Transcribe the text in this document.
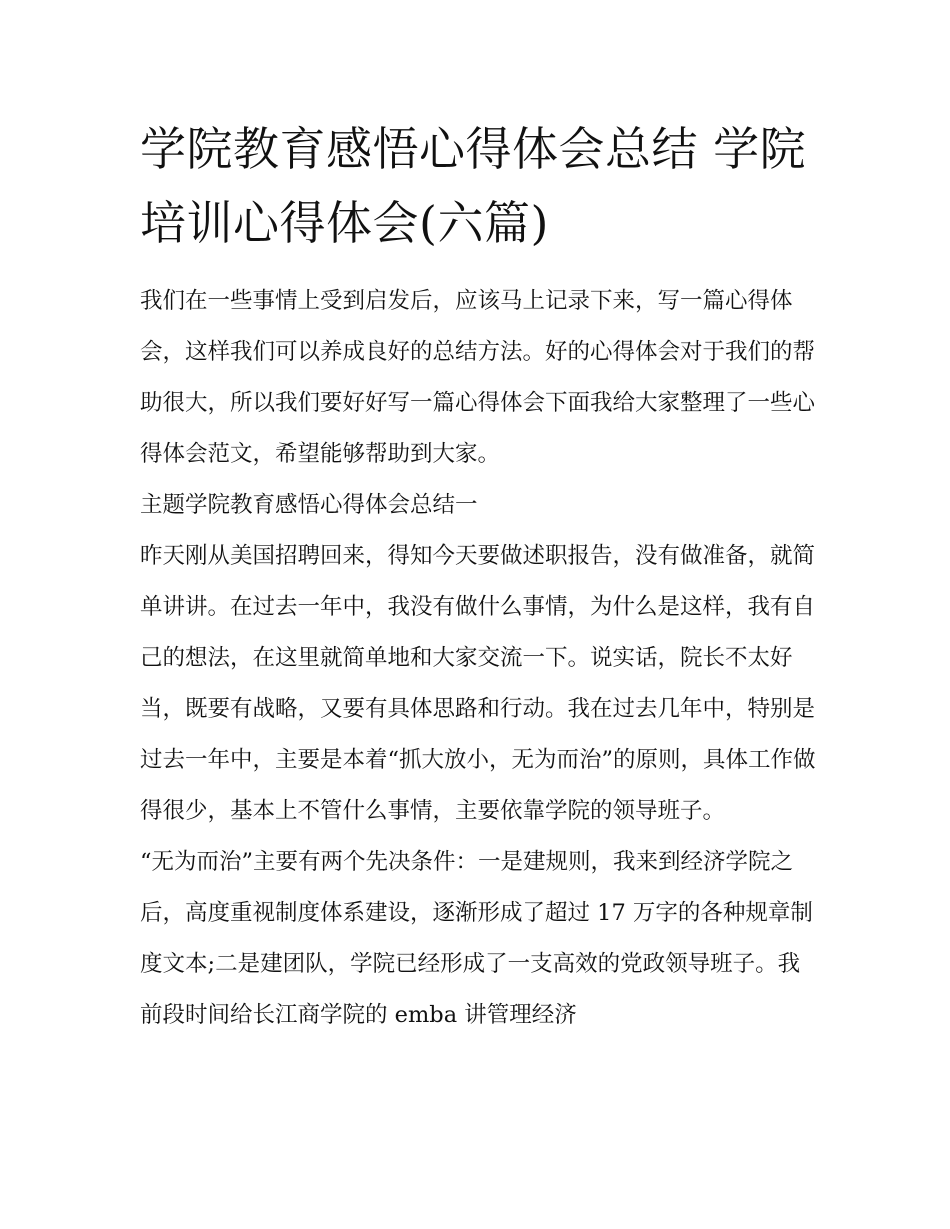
学院教育感悟心得体会总结 学院培训心得体会(六篇)

我们在一些事情上受到启发后，应该马上记录下来，写一篇心得体会，这样我们可以养成良好的总结方法。好的心得体会对于我们的帮助很大，所以我们要好好写一篇心得体会下面我给大家整理了一些心得体会范文，希望能够帮助到大家。

主题学院教育感悟心得体会总结一

昨天刚从美国招聘回来，得知今天要做述职报告，没有做准备，就简单讲讲。在过去一年中，我没有做什么事情，为什么是这样，我有自己的想法，在这里就简单地和大家交流一下。说实话，院长不太好当，既要有战略，又要有具体思路和行动。我在过去几年中，特别是过去一年中，主要是本着“抓大放小，无为而治”的原则，具体工作做得很少，基本上不管什么事情，主要依靠学院的领导班子。

“无为而治”主要有两个先决条件：一是建规则，我来到经济学院之后，高度重视制度体系建设，逐渐形成了超过 17 万字的各种规章制度文本;二是建团队，学院已经形成了一支高效的党政领导班子。我前段时间给长江商学院的 emba 讲管理经济
